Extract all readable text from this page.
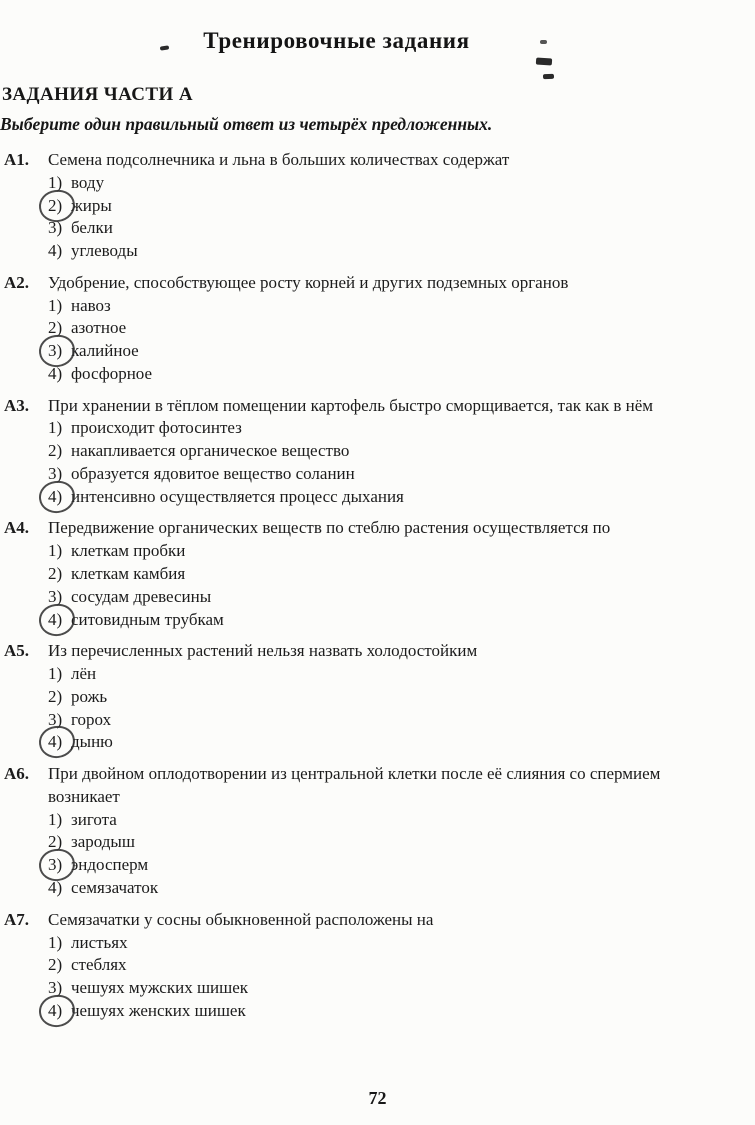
Тренировочные задания
ЗАДАНИЯ ЧАСТИ А
Выберите один правильный ответ из четырёх предложенных.
А1.	Семена подсолнечника и льна в больших количествах содержат
1) воду
2) жиры
3) белки
4) углеводы
А2.	Удобрение, способствующее росту корней и других подземных органов
1) навоз
2) азотное
3) калийное
4) фосфорное
А3.	При хранении в тёплом помещении картофель быстро сморщивается, так как в нём
1) происходит фотосинтез
2) накапливается органическое вещество
3) образуется ядовитое вещество соланин
4) интенсивно осуществляется процесс дыхания
А4.	Передвижение органических веществ по стеблю растения осуществляется по
1) клеткам пробки
2) клеткам камбия
3) сосудам древесины
4) ситовидным трубкам
А5.	Из перечисленных растений нельзя назвать холодостойким
1) лён
2) рожь
3) горох
4) дыню
А6.	При двойном оплодотворении из центральной клетки после её слияния со спермием возникает
1) зигота
2) зародыш
3) эндосперм
4) семязачаток
А7.	Семязачатки у сосны обыкновенной расположены на
1) листьях
2) стеблях
3) чешуях мужских шишек
4) чешуях женских шишек
72
